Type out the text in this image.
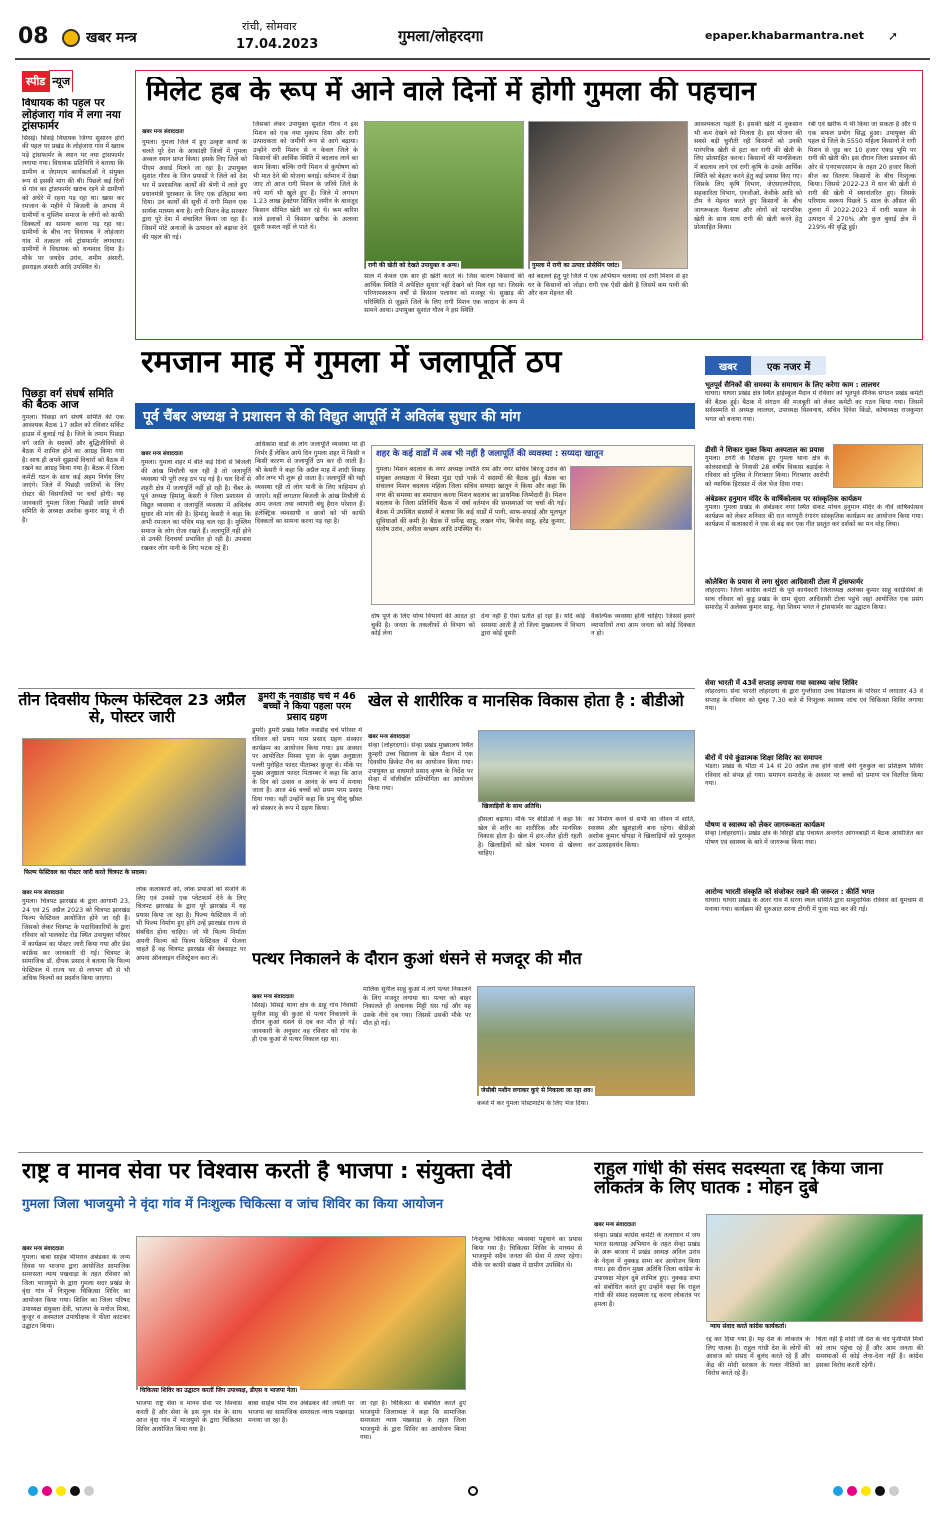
08	खबर मन्त्र
रांची, सोमवार
17.04.2023	गुमला/लोहरदगा	epaper.khabarmantra.net ➚
स्पीड न्यूज
विधायक की पहल पर लोहंजारा गांव में लगा नया ट्रांसफार्मर
सिसई। सिसई विधायक जिग्गा सुसारन होरो की पहल पर प्रखंड के लोहंजारा गांव में खराब पड़े ट्रांसफार्मर के स्थान पर नया ट्रांसफार्मर लगाया गया। विधायक प्रतिनिधि ने बताया कि ग्रामीण व जेएमएम कार्यकर्ताओं ने संयुक्त रूप से इसकी मांग की थी। पिछले कई दिनों से गांव का ट्रांसफार्मर खराब रहने से ग्रामीणों को अंधेरे में रहना पड़ रहा था। खास कर रमजान के महीने में बिजली के अभाव में ग्रामीणों व मुस्लिम समाज के लोगों को काफी दिक्कतों का सामना करना पड़ रहा था। ग्रामीणों के बीच नए विधायक ने लोहंजारा गांव में तत्काल नये ट्रांसफार्मर लगवाया। ग्रामीणों ने विधायक को धन्यवाद दिया है। मौके पर जयदेव उरांव, शमीम अंसारी, इसराइल अंसारी आदि उपस्थित थे।
पिछड़ा वर्ग संघर्ष समिति की बैठक आज
गुमला। पिछड़ा वर्ग संघर्ष समिति की एक आवश्यक बैठक 17 अप्रैल को रविवार सर्किट हाउस में बुलाई गई है। जिले के तमाम पिछड़ा वर्ग जाति के सदस्यों और बुद्धिजीवियों से बैठक में शामिल होने का आग्रह किया गया है। साथ ही अपने सुझावों विचारों को बैठक में रखने का आग्रह किया गया है। बैठक में जिला कमेटी गठन के साथ कई अहम निर्णय लिए जाएंगे। जिले में पिछड़ी जातियों के लिए रोस्टर की विसंगतियों पर चर्चा होगी। यह जानकारी गुमला जिला पिछड़ी जाति संघर्ष समिति के अध्यक्ष अशोक कुमार साहू ने दी है।
मिलेट हब के रूप में आने वाले दिनों में होगी गुमला की पहचान
खबर मन्त्र संवाददाता
गुमला। गुमला जिले में हुए उत्कृष्ट कार्यों के चलते पूरे देश के आकांक्षी जिलों में गुमला अव्वल स्थान प्राप्त किया। इसके लिए जिले को पीएम अवार्ड मिलने जा रहा है। उपायुक्त सुशांत गौरव के जिन प्रयासों ने जिले को देश भर में प्रशासनिक कार्यों की श्रेणी में लाते हुए प्रधानमंत्री पुरस्कार के लिए एक इतिहास बना दिया। उन कार्यों की सूची में रागी मिशन एक सार्थक माध्यम बना है। रागी मिशन केंद्र सरकार द्वारा पूरे देश में संचालित किया जा रहा है। जिसमें मोटे अनाजों के उत्पादन को बढ़ावा देने की पहल की गई।
जिसको लेकर उपायुक्त सुशांत गौरव ने इस मिशन को एक नया मुकाम दिया और रागी उत्पादकता को जमीनी रूप से आगे बढ़ाया। उन्होंने रागी मिशन से न केवल जिले के किसानों की आर्थिक स्थिति में बदलाव लाने का काम किया। बल्कि रागी मिशन से कुपोषण को भी मात देने की योजना बनाई। वर्तमान में देखा जाए तो आज रागी मिशन के जरिये जिले के नये मार्ग भी खुले हुए हैं। जिले में लगभग 1.23 लाख हेक्टेयर सिंचित जमीन के बावजूद किसान सीमित खेती कर रहे थे। कम बारिश वाले इलाकों में किसान खरीफ के अलावा दूसरी फसल नहीं ले पाते थे।
रागी की खेती को देखते उपायुक्त व अन्य।	गुमला में रागी का उत्पाद प्रोसेसिंग प्लांट।
साल में केवल एक बार ही खेती करते थे। जिस कारण किसानों की आर्थिक स्थिति में अपेक्षित सुधार नहीं देखने को मिल रहा था। जिसके परिणामस्वरूप वर्षों से किसान पलायन को मजबूर थे। सुखाड़ की परिस्थिति से जूझते जिले के लिए रागी मिशन एक वरदान के रूप में सामने आया। उपायुक्त सुशांत गौरव ने इस स्थिति
को बदलने हेतु पूरे जिले में एक अभियान चलाया एवं रागी मिशन से हर घर के किसानों को जोड़ा। रागी एक ऐसी खेती है जिसमें कम पानी की और कम मेहनत की
आवश्यकता पड़ती है। इसकी खेती में नुकसान भी कम देखने को मिलता है। इस योजना की सबसे बड़ी चुनौती रही किसानों को उनकी पारंपरिक खेती से हटा कर रागी की खेती के लिए प्रोत्साहित करना। किसानों की मानसिकता में बदलाव लाने एवं रागी कृषि के उनके आर्थिक स्थिति को बेहतर करने हेतु कई प्रयास किए गए। जिसके लिए कृषि विभाग, जेएसएलपीएस, सहकारिता विभाग, एनजीओ, केवीके आदि को टीम ने मेहनत करते हुए किसानों के बीच जागरूकता फैलाया और लोगों को पारंपरिक खेती के साथ साथ रागी की खेती करने हेतु प्रोत्साहित किया।
रबी एवं खरीफ में भी किया जा सकता है और ये एक सफल प्रयोग सिद्ध हुआ। उपायुक्त की पहल से जिले के 5550 महिला किसानों ने रागी मिशन से जुड़ कर 10 हजार एकड़ भूमि पर रागी की खेती की। इस दौरान जिला प्रशासन की ओर से एनएफएसएम के तहत 20 हजार किलो बीज का वितरण किसानों के बीच निःशुल्क किया। जिससे 2022-23 में धान की खेती से रागी की खेती में स्थानांतरित हुए। जिसके परिणाम स्वरूप पिछले 5 साल के औसत की तुलना में 2022-2023 में रागी फसल के उत्पादन में 270% और कुल बुवाई क्षेत्र में 219% की वृद्धि हुई।
रमजान माह में गुमला में जलापूर्ति ठप
पूर्व चैंबर अध्यक्ष ने प्रशासन से की विद्युत आपूर्ति में अविलंब सुधार की मांग
खबर मन्त्र संवाददाता
गुमला। गुमला शहर में बीते कई दिनों से बिजली की आंख मिचौली चल रही है तो जलापूर्ति व्यवस्था भी पूरी तरह ठप पड़ गई है। चार दिनों से शहरी क्षेत्र में जलापूर्ति नहीं हो रही है। चैंबर के पूर्व अध्यक्ष हिमांशु केसरी ने जिला प्रशासन से विद्युत व्यवस्था व जलापूर्ति व्यवस्था में अविलंब सुधार की मांग की है। हिमांशु केसरी ने कहा कि अभी रमजान का पवित्र माह चल रहा है। मुस्लिम समाज के लोग रोजा रखते हैं। जलापूर्ति नहीं होने से उनकी दिनचर्या प्रभावित हो रही है। उपवास रखकर लोग पानी के लिए भटक रहे हैं।
अधिकांश वार्डों के लोग जलापूर्ति व्यवस्था पर ही निर्भर हैं लेकिन आये दिन गुमला शहर में किसी न किसी कारण से जलापूर्ति ठप कर दी जाती है। श्री केसरी ने कहा कि अप्रैल माह में शादी विवाह और लग्न भी शुरू हो जाता है। जलापूर्ति की यही व्यवस्था रही तो लोग पानी के लिए त्राहिमाम हो जाएंगे। वहीं लगातार बिजली के आंख मिचौली से आम जनता तथा व्यापारी बंधु हैरान परेशान हैं। इलेक्ट्रिक व्यवसायी व छात्रों को भी काफी दिक्कतों का सामना करना पड़ रहा है।
शहर के कई वार्डों में अब भी नहीं है जलापूर्ति की व्यवस्था : सय्यदा खातून
गुमला। मिशन बदलाव के नगर अध्यक्ष ज्योति राम और नगर सचिव बिरजू उरांव की संयुक्त अध्यक्षता में बिरसा मुंडा एग्रो पार्क में सदस्यों की बैठक हुई। बैठक का संचालन मिशन बदलाव महिला जिला सचिव सय्यदा खातून ने किया और कहा कि नगर की समस्या का समाधान करना मिशन बदलाव का प्राथमिक जिम्मेदारी है। मिशन बदलाव के जिला प्रतिनिधि बैठक में वर्षा वर्तमान की समस्याओं पर चर्चा की गई। बैठक में उपस्थित सदस्यों ने बताया कि कई वार्डों में पानी, साफ-सफाई और मूलभूत सुविधाओं की कमी है। बैठक में धर्मेन्द्र साहू, लखन गोप, बिनोद साहू, हरेंद्र कुमार, संतोष उरांव, अनीता कच्छप आदि उपस्थित थे।
दोष पूर्ण के लिए योग्य विभागों की आदत हो चुकी है। जनता के तकलीफों से विभाग को कोई लेना
देना नहीं है ऐसा प्रतीत हो रहा है। यदि कोई समस्या आती है तो जिला मुख्यालय में विभाग द्वारा कोई दूसरी
वैकल्पिक व्यवस्था होनी चाहिए। जिससे हमारे व्यापारियों तथा आम जनता को कोई दिक्कत न हो।
खबर	एक नजर में
भूतपूर्व सैनिकों की समस्या के समाधान के लिए करेगा काम : लालधर
घाघरा। घाघरा प्रखंड क्षेत्र स्थित हाईस्कूल मैदान में रविवार को भूतपूर्व सैनिक संगठन प्रखंड कमेटी की बैठक हुई। बैठक में संगठन की मजबूती को लेकर कमेटी का गठन किया गया। जिसमें सर्वसम्मति से अध्यक्ष लालधर, उपाध्यक्ष विश्वनाथ, सचिव दिनेश किंडो, कोषाध्यक्ष राजकुमार भगत को बनाया गया।
डीसी ने शिकार मुक्त किया अस्पताल का प्रयास
गुमला। टगरी के शिक्षक हुए गुमला थाना क्षेत्र के कोलसावाड़ी के निवासी 28 वर्षीय विकास बड़ाईक ने रविवार को पुलिस ने गिरफ्तार किया। गिरफ्तार आरोपी को न्यायिक हिरासत में जेल भेज दिया गया।
अंबेडकर हनुमान मंदिर के वार्षिकोत्सव पर सांस्कृतिक कार्यक्रम
गुमला। गुमला प्रखंड के अंबेडकर नगर स्थित संकट मोचन हनुमान मंदिर के नौवें वार्षिकोत्सव कार्यक्रम को लेकर शनिवार की रात नागपुरी रंगारंग सांस्कृतिक कार्यक्रम का आयोजन किया गया। कार्यक्रम में कलाकारों ने एक से बढ़ कर एक गीत प्रस्तुत कर दर्शकों का मन मोह लिया।
कोलेबिरा के प्रयास से लगा सुंदरा आदिवासी टोला में ट्रांसफार्मर
लोहरदगा। जिला कांग्रेस कमेटी के पूर्व कार्यकारी जिलाध्यक्ष अलेक्स कुमार साहू कांग्रेसियों के साथ रविवार को कुडू प्रखंड के ग्राम सुंदरा आदिवासी टोला पहुंचे जहां आयोजित एक प्रसंग समारोह में अलेक्स कुमार साहू, नेहा शिवम भगत ने ट्रांसफार्मर का उद्घाटन किया।
सेवा भारती में 43वें सप्ताह लगाया गया स्वास्थ्य जांच शिविर
लोहरदगा। सेवा भारती लोहरदगा के द्वारा गुन्तीवारा उच्च विद्यालय के परिसर में लगातार 43 वें सप्ताह के रविवार को सुबह 7.30 बजे से निःशुल्क स्वास्थ्य जांच एवं चिकित्सा शिविर लगाया गया।
बीरों में पंचे कुंडात्मक शिक्षा शिविर का समापन
भंडरा। प्रखंड के भीठा में 14 से 20 अप्रैल तक होने वाली बेनी गुरुकुल का प्रशिक्षण शिविर रविवार को संपन्न हो गया। समापन समारोह के अवसर पर बच्चों को प्रमाण पत्र वितरित किया गया।
पोषण व स्वास्थ्य को लेकर जागरूकता कार्यक्रम
सेन्हा (लोहरदगा)। प्रखंड क्षेत्र के सिरहीं ढोढ़ पंचायत अन्तर्गत आंगनबाड़ी में बैठक आयोजित कर पोषण एवं स्वास्थ्य के बारे में जागरूक किया गया।
आरोग्य भारती संस्कृति को संजोकर रखने की जरूरत : कीर्ति भगत
घाघरा। घाघरा प्रखंड के अंतर गांव में सरना स्थल समिति द्वारा सामुदायिक रविवार को धूमधाम से मनाया गया। कार्यक्रम की शुरुआत सरना टोंगरी में पूजा पाठ कर की गई।
तीन दिवसीय फिल्म फेस्टिवल 23 अप्रैल से, पोस्टर जारी
फिल्म फेस्टिवल का पोस्टर जारी करते चित्रपट के सदस्य।
खबर मन्त्र संवाददाता
गुमला। चित्रपट झारखंड के द्वारा आगामी 23, 24 एवं 25 अप्रैल 2023 को चित्रपट झारखंड फिल्म फेस्टिवल आयोजित होने जा रही है। जिसको लेकर चित्रपट के पदाधिकारियों के द्वारा रविवार को पालकोट रोड स्थित उपायुक्त परिसर में कार्यक्रम का पोस्टर जारी किया गया और प्रेस कांफ्रेंस कर जानकारी दी गई। चित्रपट के सामाजिक डॉ. दीपक प्रसाद ने बताया कि फिल्म फेस्टिवल में राज्य भर से लगभग सौ से भी अधिक फिल्मों का प्रदर्शन किया जाएगा।
लोक कलाकारों को, लोक प्रथाओं को संजोने के लिए एवं उनको एक प्लेटफार्म देने के लिए चित्रपट झारखंड के द्वारा पूरे झारखंड में यह प्रयास किया जा रहा है। फिल्म फेस्टिवल में जो भी फिल्म निर्माण हुए होंगे उन्हें झारखंड राज्य से संबंधित होना चाहिए। जो भी फिल्म निर्माता अपनी फिल्म को फिल्म फेस्टिवल में भेजना चाहते हैं वह चित्रपट झारखंड की वेबसाइट पर अपना ऑनलाइन रजिस्ट्रेशन करा लें।
डुमरी के नवाडीह चर्च में 46 बच्चों ने किया पहला परम प्रसाद ग्रहण
डुमरी। डुमरी प्रखंड स्थित नवाडीह चर्च परिसर में रविवार को प्रथम परम प्रसाद ग्रहण संस्कार कार्यक्रम का आयोजन किया गया। इस अवसर पर आयोजित मिस्सा पूजा के मुख्य अनुष्ठाता पल्ली पुरोहित फादर पीताम्बर कुजूर थे। मौके पर मुख्य अनुष्ठाता फादर पिताम्बर ने कहा कि आज के दिन को उत्सव व आनंद के रूप में मनाया जाता है। आज 46 बच्चों को प्रथम परम प्रसाद दिया गया। वहीं उन्होंने कहा कि प्रभु यीशु ख्रीस्त को संस्कार के रूप में ग्रहण किया।
खेल से शारीरिक व मानसिक विकास होता है : बीडीओ
खबर मन्त्र संवाददाता
सेन्हा (लोहरदगा)। सेन्हा प्रखंड मुख्यालय स्थित कुम्हरी उच्च विद्यालय के खेल मैदान में एक दिवसीय क्रिकेट मैच का आयोजन किया गया। उपायुक्त डा वाघमारे प्रसाद कृष्ण के निर्देश पर सेन्हा में वॉलीबॉल प्रतियोगिता का आयोजन किया गया।
खिलाड़ियों के साथ अतिथि।
हौसला बढ़ाया। मौके पर बीडीओ ने कहा कि खेल से शरीर का शारीरिक और मानसिक विकास होता है। खेल में हार-जीत होती रहती है। खिलाड़ियों को खेल भावना से खेलना चाहिए।
का निर्माण करने से सभी का जीवन में शांति, स्वास्थ्य और खुशहाली बना रहेगा। बीडीओ अशोक कुमार चोपड़ा ने खिलाड़ियों को पुरस्कृत कर उत्साहवर्धन किया।
पत्थर निकालने के दौरान कुआं धंसने से मजदूर की मौत
खबर मन्त्र संवाददाता
सिसई। सिसई थाना क्षेत्र के डाहू गांव निवासी सुनील साहू की कुआं से पत्थर निकालने के दौरान कुआं धंसने से दब कर मौत हो गई। जानकारी के अनुसार वह रविवार को गांव के ही एक कुआं से पत्थर निकाल रहा था।
मालिक सुनील साहू कुआं में लगे पत्थर निकालने के लिए मजदूर लगाया था। पत्थर को बाहर निकालते ही अचानक मिट्टी धंस गई और वह उसके नीचे दब गया। जिससे उसकी मौके पर मौत हो गई।
जेसीबी मशीन लगाकर कुएं से निकाला जा रहा शव।
कब्जे में कर गुमला पोस्टमार्टम के लिए भेज दिया।
राष्ट्र व मानव सेवा पर विश्वास करती है भाजपा : संयुक्ता देवी
गुमला जिला भाजयुमो ने वृंदा गांव में निःशुल्क चिकित्सा व जांच शिविर का किया आयोजन
खबर मन्त्र संवाददाता
गुमला। बाबा साहेब भीमराव अंबेडकर के जन्म दिवस पर भाजपा द्वारा आयोजित सामाजिक समरसता न्याय पखवाड़ा के तहत रविवार को जिला भाजयुमो के द्वारा गुमला सदर प्रखंड के वृंदा गांव में निःशुल्क चिकित्सा शिविर का आयोजन किया गया। शिविर का जिला परिषद उपाध्यक्ष संयुक्ता देवी, भाजपा के मनोज मिश्रा, कुजूर व अस्पताल उपाधीक्षक ने फीता काटकर उद्घाटन किया।
चिकित्सा शिविर का उद्घाटन करतीं जिप उपाध्यक्ष, डीएस व भाजपा नेता।
भाजपा राष्ट्र सेवा व मानव सेवा पर विश्वास करती है और सेवा के इस मूल मंत्र के साथ आज वृंदा गांव में भाजयुमो के द्वारा चिकित्सा शिविर आयोजित किया गया है।
बाबा साहेब भीम राव अंबेडकर की जयंती पर भाजपा का सामाजिक समरसता न्याय पखवाड़ा मनाया जा रहा है।
जा रहा है। चिकित्सा के संबंधित करते हुए भाजयुमो जिलाध्यक्ष ने कहा कि सामाजिक समरसता न्याय पखवाड़ा के तहत जिला भाजयुमो के द्वारा शिविर का आयोजन किया गया।
निःशुल्क चिकित्सा व्यवस्था पहुंचाने का प्रयास किया गया है। चिकित्सा शिविर के माध्यम से भाजयुमो सदैव जनता की सेवा में तत्पर रहेगा। मौके पर काफी संख्या में ग्रामीण उपस्थित थे।
राहुल गांधी की संसद सदस्यता रद्द किया जाना लोकतंत्र के लिए घातक : मोहन दुबे
खबर मन्त्र संवाददाता
सेन्हा। प्रखंड कांग्रेस कमेटी के तत्वाधान में जय भारत सत्याग्रह अभियान के तहत सेन्हा प्रखंड के अरू बाजार में प्रखंड अध्यक्ष अनिल उरांव के नेतृत्व में नुक्कड़ सभा कर आयोजन किया गया। इस दौरान मुख्य अतिथि जिला कांग्रेस के उपाध्यक्ष मोहन दुबे शामिल हुए। नुक्कड़ सभा को संबोधित करते हुए उन्होंने कहा कि राहुल गांधी की संसद सदस्यता रद्द करना लोकतंत्र पर हमला है।
न्याय संवाद करते कांग्रेस कार्यकर्ता।
रद्द कर दिया गया है। यह देश के लोकतंत्र के लिए घातक है। राहुल गांधी देश के लोगों की आवाज को संसद में बुलंद करते रहे हैं और केंद्र की मोदी सरकार के गलत नीतियों का विरोध करते रहे हैं।
चिंता नहीं है मोदी जी देश के चंद पूंजीपति मित्रों को लाभ पहुंचा रहे हैं और आम जनता की समस्याओं से कोई लेना-देना नहीं है। कांग्रेस इसका विरोध करती रहेगी।
